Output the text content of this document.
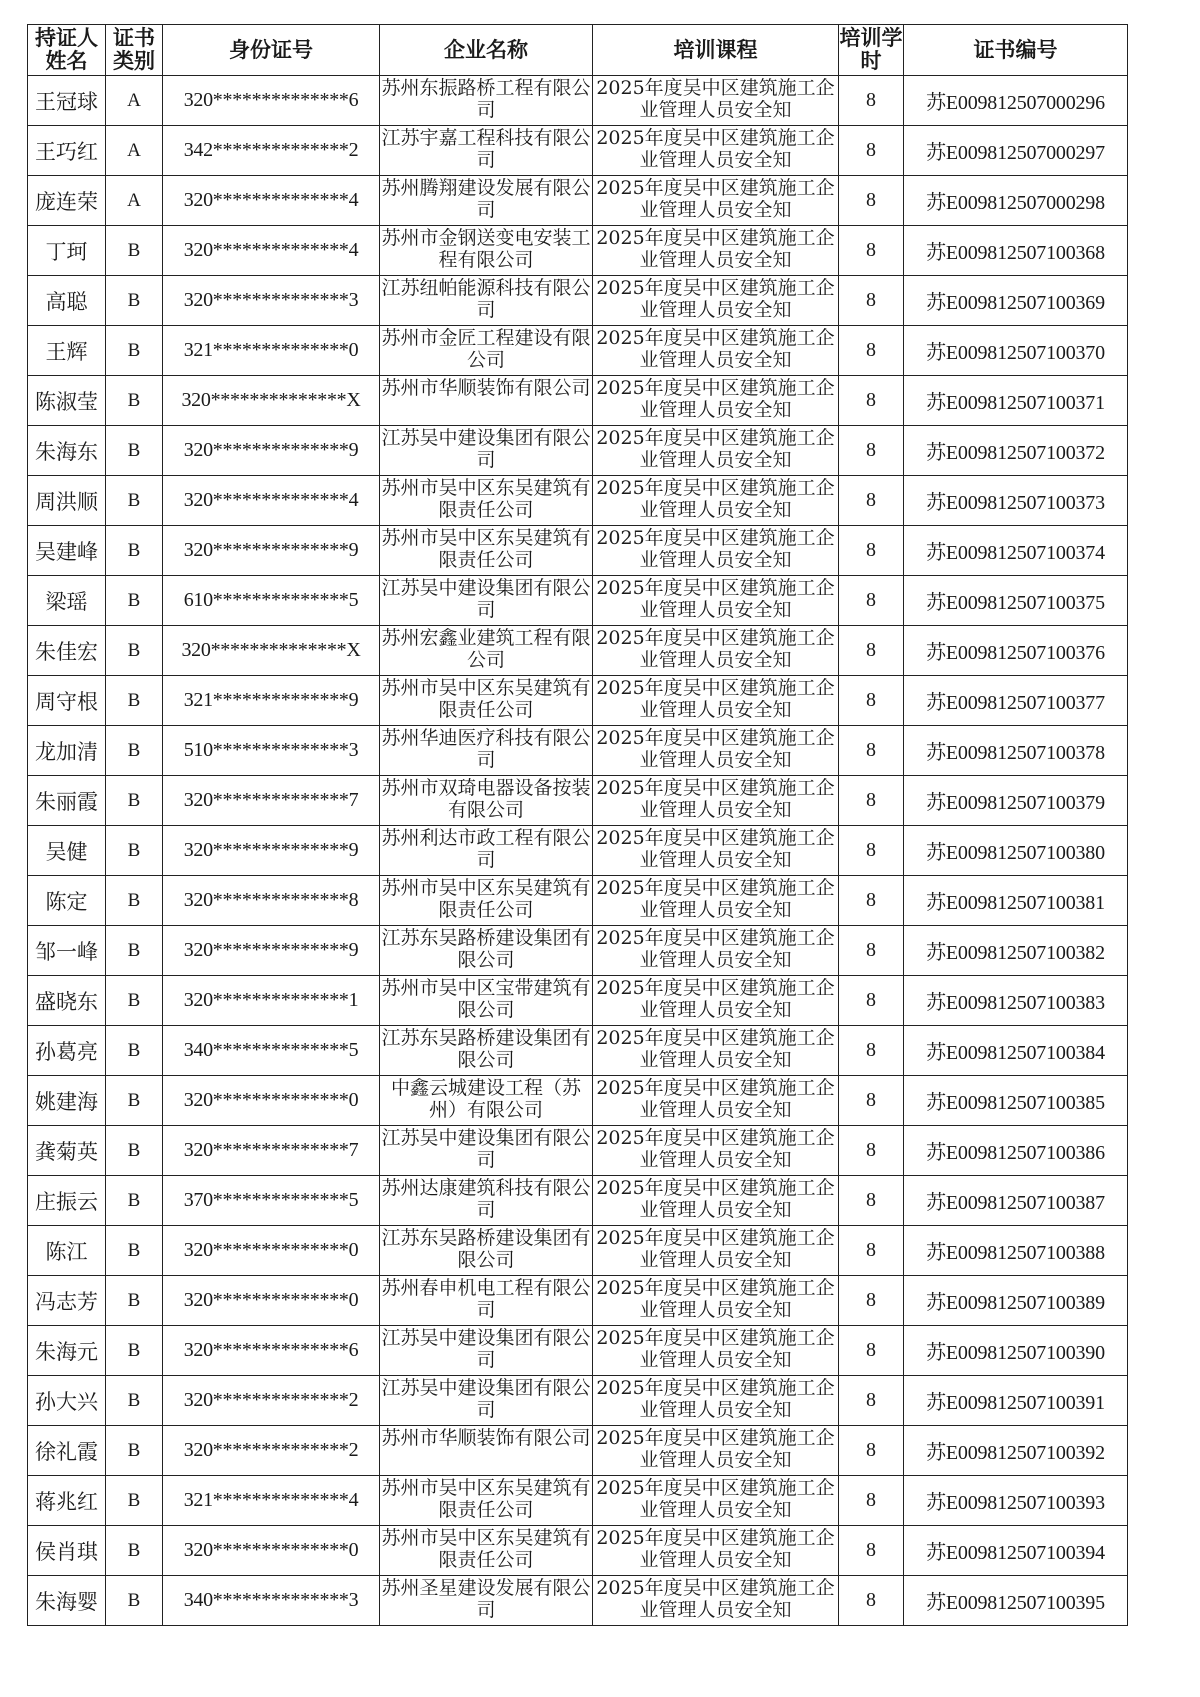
持证人姓名	证书类别	身份证号	企业名称	培训课程	培训学时	证书编号
王冠球	A	320**************6	苏州东振路桥工程有限公司	2025年度吴中区建筑施工企业管理人员安全知	8	苏E009812507000296
王巧红	A	342**************2	江苏宇嘉工程科技有限公司	2025年度吴中区建筑施工企业管理人员安全知	8	苏E009812507000297
庞连荣	A	320**************4	苏州腾翔建设发展有限公司	2025年度吴中区建筑施工企业管理人员安全知	8	苏E009812507000298
丁珂	B	320**************4	苏州市金钢送变电安装工程有限公司	2025年度吴中区建筑施工企业管理人员安全知	8	苏E009812507100368
高聪	B	320**************3	江苏纽帕能源科技有限公司	2025年度吴中区建筑施工企业管理人员安全知	8	苏E009812507100369
王辉	B	321**************0	苏州市金匠工程建设有限公司	2025年度吴中区建筑施工企业管理人员安全知	8	苏E009812507100370
陈淑莹	B	320**************X	苏州市华顺装饰有限公司	2025年度吴中区建筑施工企业管理人员安全知	8	苏E009812507100371
朱海东	B	320**************9	江苏吴中建设集团有限公司	2025年度吴中区建筑施工企业管理人员安全知	8	苏E009812507100372
周洪顺	B	320**************4	苏州市吴中区东吴建筑有限责任公司	2025年度吴中区建筑施工企业管理人员安全知	8	苏E009812507100373
吴建峰	B	320**************9	苏州市吴中区东吴建筑有限责任公司	2025年度吴中区建筑施工企业管理人员安全知	8	苏E009812507100374
梁瑶	B	610**************5	江苏吴中建设集团有限公司	2025年度吴中区建筑施工企业管理人员安全知	8	苏E009812507100375
朱佳宏	B	320**************X	苏州宏鑫业建筑工程有限公司	2025年度吴中区建筑施工企业管理人员安全知	8	苏E009812507100376
周守根	B	321**************9	苏州市吴中区东吴建筑有限责任公司	2025年度吴中区建筑施工企业管理人员安全知	8	苏E009812507100377
龙加清	B	510**************3	苏州华迪医疗科技有限公司	2025年度吴中区建筑施工企业管理人员安全知	8	苏E009812507100378
朱丽霞	B	320**************7	苏州市双琦电器设备按装有限公司	2025年度吴中区建筑施工企业管理人员安全知	8	苏E009812507100379
吴健	B	320**************9	苏州利达市政工程有限公司	2025年度吴中区建筑施工企业管理人员安全知	8	苏E009812507100380
陈定	B	320**************8	苏州市吴中区东吴建筑有限责任公司	2025年度吴中区建筑施工企业管理人员安全知	8	苏E009812507100381
邹一峰	B	320**************9	江苏东吴路桥建设集团有限公司	2025年度吴中区建筑施工企业管理人员安全知	8	苏E009812507100382
盛晓东	B	320**************1	苏州市吴中区宝带建筑有限公司	2025年度吴中区建筑施工企业管理人员安全知	8	苏E009812507100383
孙葛亮	B	340**************5	江苏东吴路桥建设集团有限公司	2025年度吴中区建筑施工企业管理人员安全知	8	苏E009812507100384
姚建海	B	320**************0	中鑫云城建设工程（苏州）有限公司	2025年度吴中区建筑施工企业管理人员安全知	8	苏E009812507100385
龚菊英	B	320**************7	江苏吴中建设集团有限公司	2025年度吴中区建筑施工企业管理人员安全知	8	苏E009812507100386
庄振云	B	370**************5	苏州达康建筑科技有限公司	2025年度吴中区建筑施工企业管理人员安全知	8	苏E009812507100387
陈江	B	320**************0	江苏东吴路桥建设集团有限公司	2025年度吴中区建筑施工企业管理人员安全知	8	苏E009812507100388
冯志芳	B	320**************0	苏州春申机电工程有限公司	2025年度吴中区建筑施工企业管理人员安全知	8	苏E009812507100389
朱海元	B	320**************6	江苏吴中建设集团有限公司	2025年度吴中区建筑施工企业管理人员安全知	8	苏E009812507100390
孙大兴	B	320**************2	江苏吴中建设集团有限公司	2025年度吴中区建筑施工企业管理人员安全知	8	苏E009812507100391
徐礼霞	B	320**************2	苏州市华顺装饰有限公司	2025年度吴中区建筑施工企业管理人员安全知	8	苏E009812507100392
蒋兆红	B	321**************4	苏州市吴中区东吴建筑有限责任公司	2025年度吴中区建筑施工企业管理人员安全知	8	苏E009812507100393
侯肖琪	B	320**************0	苏州市吴中区东吴建筑有限责任公司	2025年度吴中区建筑施工企业管理人员安全知	8	苏E009812507100394
朱海婴	B	340**************3	苏州圣星建设发展有限公司	2025年度吴中区建筑施工企业管理人员安全知	8	苏E009812507100395
